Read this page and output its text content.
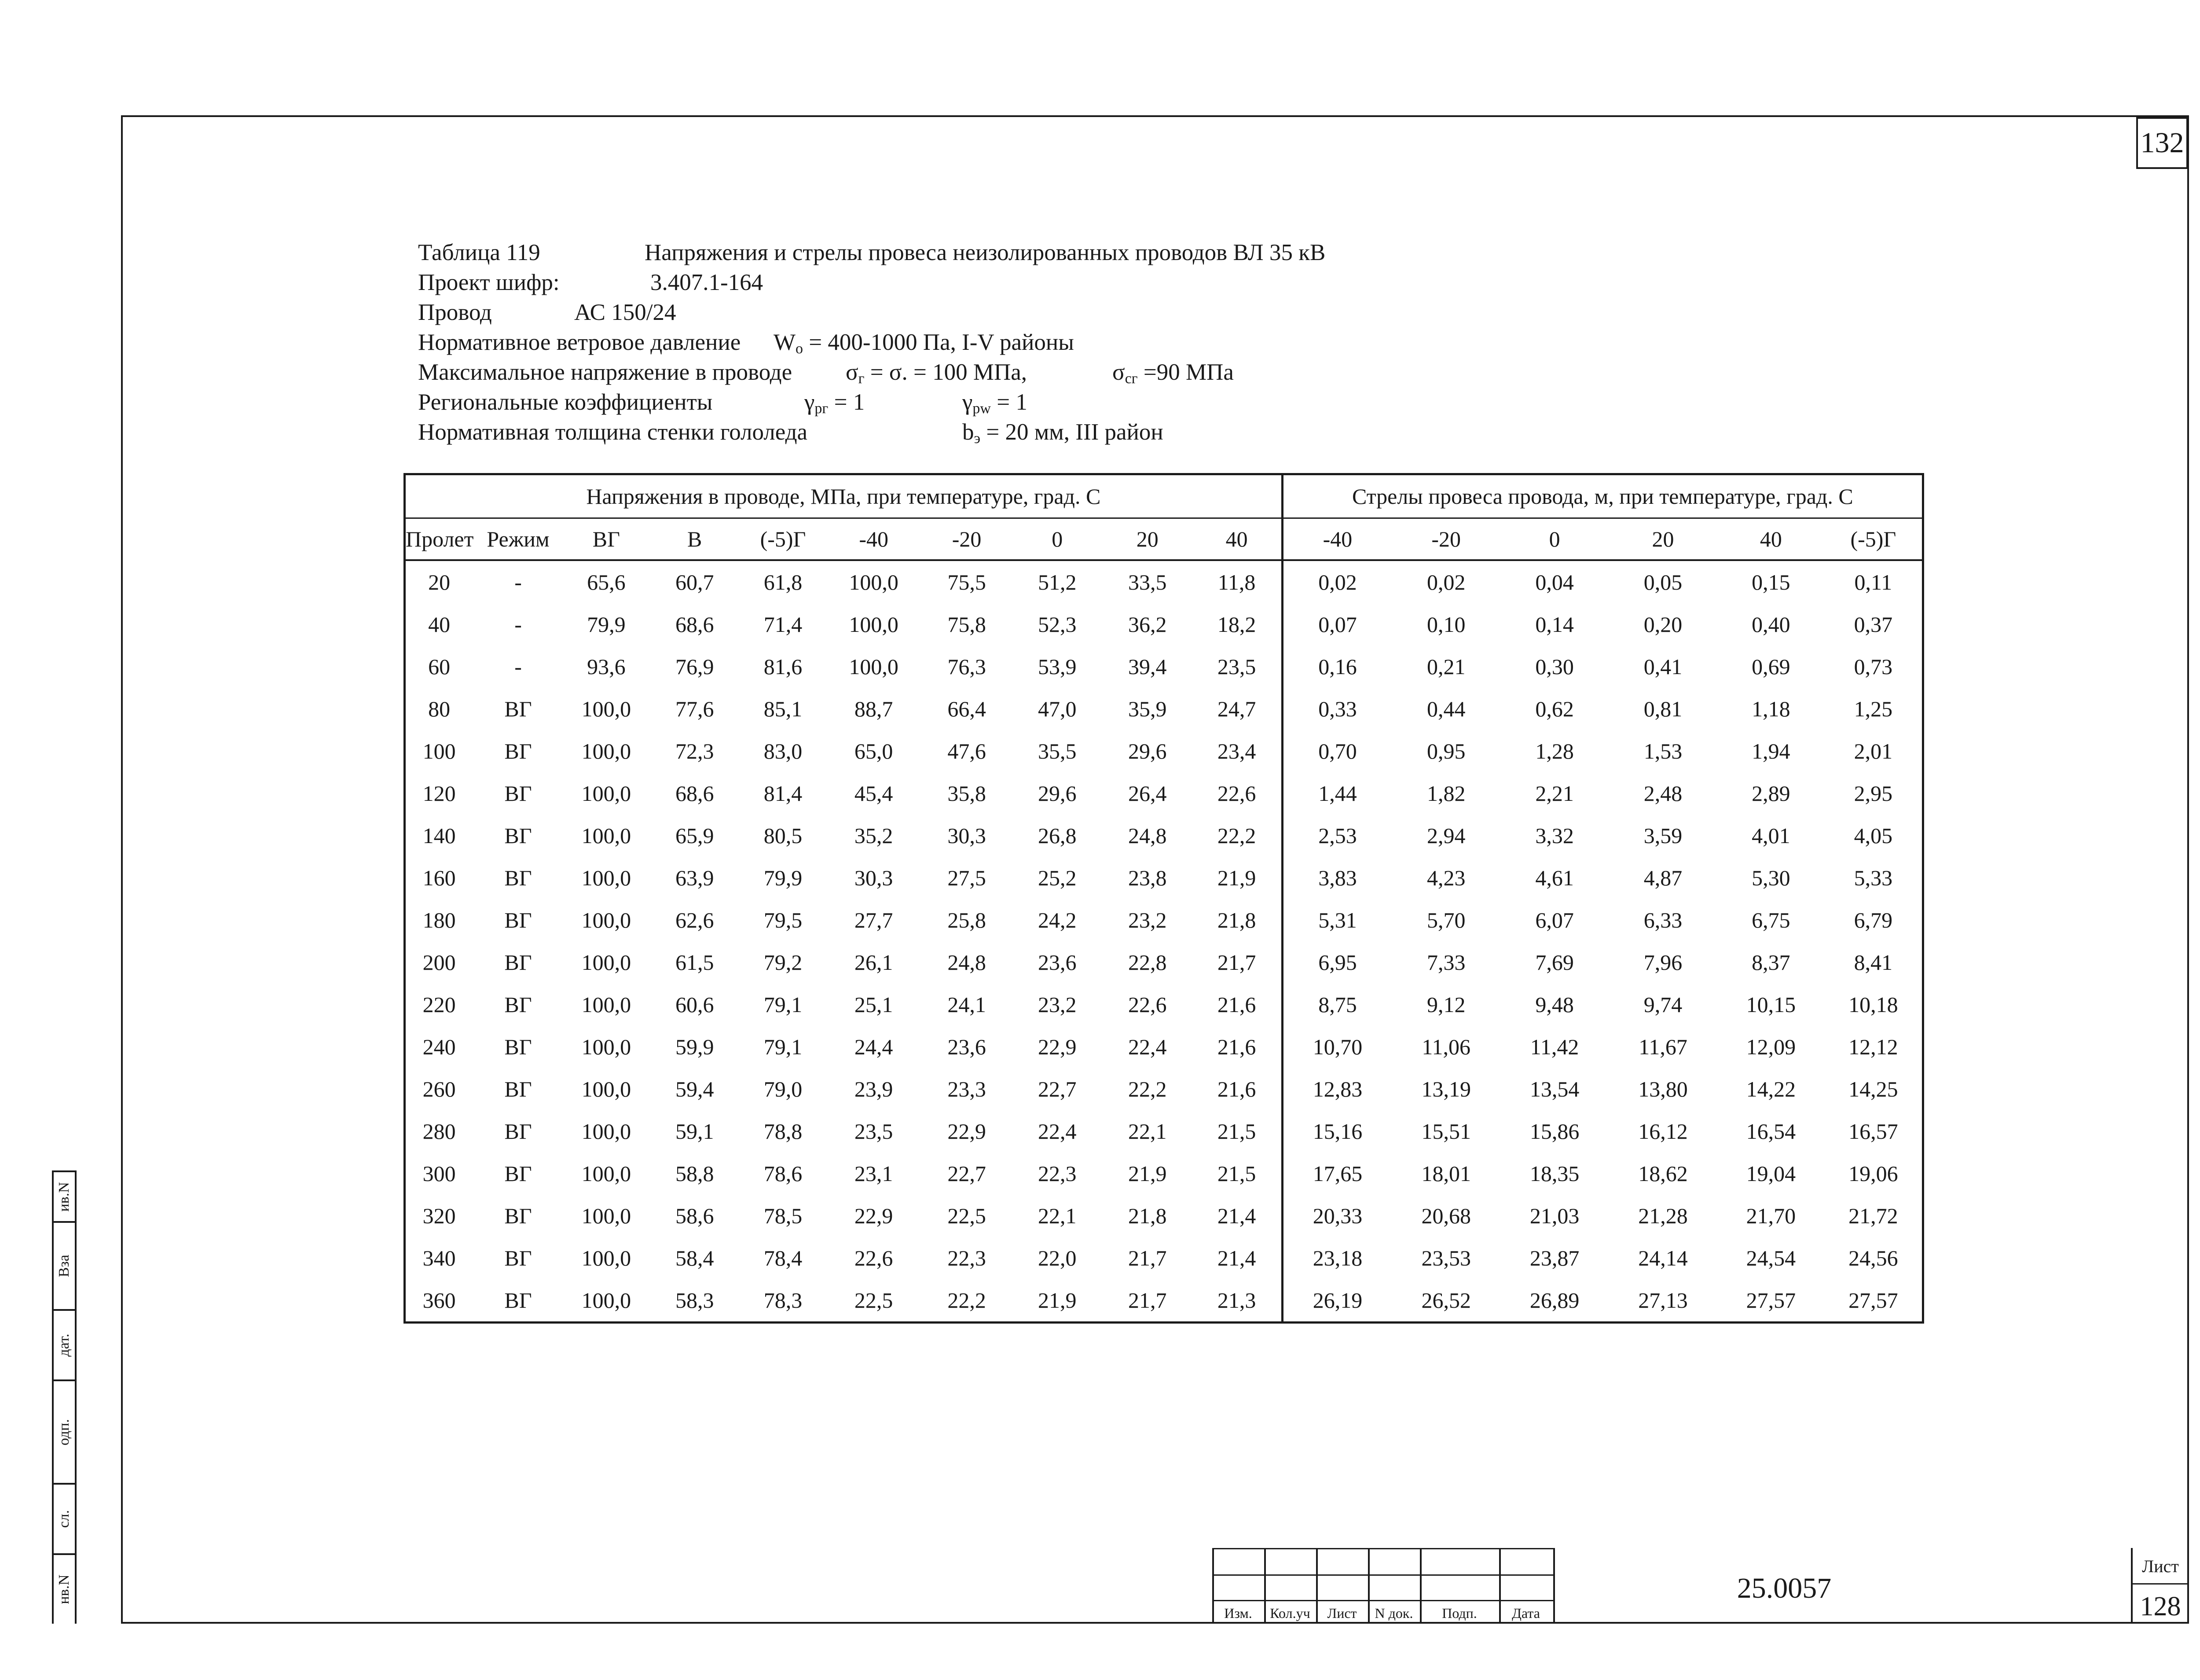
132
Таблица 119	Напряжения и стрелы провеса неизолированных проводов ВЛ 35 кВ
Проект шифр:	3.407.1-164
Провод	АС 150/24
Нормативное ветровое давление $W_o = 400-1000$ Па, I-V районы
Максимальное напряжение в проводе $\sigma_г = \sigma$. = 100 МПа,	$\sigma_{сг} =90$ МПа
Региональные коэффициенты	$\gamma_{рг} = 1$	$\gamma_{pw} = 1$
Нормативная толщина стенки гололеда	$b_э = 20$ мм, III район
Напряжения в проводе, МПа, при температуре, град. С										Стрелы провеса провода, м, при температуре, град. С					
Пролет	Режим	ВГ	В	(-5)Г	-40	-20	0	20	40	-40	-20	0	20	40	(-5)Г
20	-	65,6	60,7	61,8	100,0	75,5	51,2	33,5	11,8	0,02	0,02	0,04	0,05	0,15	0,11
40	-	79,9	68,6	71,4	100,0	75,8	52,3	36,2	18,2	0,07	0,10	0,14	0,20	0,40	0,37
60	-	93,6	76,9	81,6	100,0	76,3	53,9	39,4	23,5	0,16	0,21	0,30	0,41	0,69	0,73
80	ВГ	100,0	77,6	85,1	88,7	66,4	47,0	35,9	24,7	0,33	0,44	0,62	0,81	1,18	1,25
100	ВГ	100,0	72,3	83,0	65,0	47,6	35,5	29,6	23,4	0,70	0,95	1,28	1,53	1,94	2,01
120	ВГ	100,0	68,6	81,4	45,4	35,8	29,6	26,4	22,6	1,44	1,82	2,21	2,48	2,89	2,95
140	ВГ	100,0	65,9	80,5	35,2	30,3	26,8	24,8	22,2	2,53	2,94	3,32	3,59	4,01	4,05
160	ВГ	100,0	63,9	79,9	30,3	27,5	25,2	23,8	21,9	3,83	4,23	4,61	4,87	5,30	5,33
180	ВГ	100,0	62,6	79,5	27,7	25,8	24,2	23,2	21,8	5,31	5,70	6,07	6,33	6,75	6,79
200	ВГ	100,0	61,5	79,2	26,1	24,8	23,6	22,8	21,7	6,95	7,33	7,69	7,96	8,37	8,41
220	ВГ	100,0	60,6	79,1	25,1	24,1	23,2	22,6	21,6	8,75	9,12	9,48	9,74	10,15	10,18
240	ВГ	100,0	59,9	79,1	24,4	23,6	22,9	22,4	21,6	10,70	11,06	11,42	11,67	12,09	12,12
260	ВГ	100,0	59,4	79,0	23,9	23,3	22,7	22,2	21,6	12,83	13,19	13,54	13,80	14,22	14,25
280	ВГ	100,0	59,1	78,8	23,5	22,9	22,4	22,1	21,5	15,16	15,51	15,86	16,12	16,54	16,57
300	ВГ	100,0	58,8	78,6	23,1	22,7	22,3	21,9	21,5	17,65	18,01	18,35	18,62	19,04	19,06
320	ВГ	100,0	58,6	78,5	22,9	22,5	22,1	21,8	21,4	20,33	20,68	21,03	21,28	21,70	21,72
340	ВГ	100,0	58,4	78,4	22,6	22,3	22,0	21,7	21,4	23,18	23,53	23,87	24,14	24,54	24,56
360	ВГ	100,0	58,3	78,3	22,5	22,2	21,9	21,7	21,3	26,19	26,52	26,89	27,13	27,57	27,57
ив.N
Вза
дат.
одп.
сл.
нв.N
Изм. Кол.уч Лист N док. Подп. Дата
25.0057
Лист
128
